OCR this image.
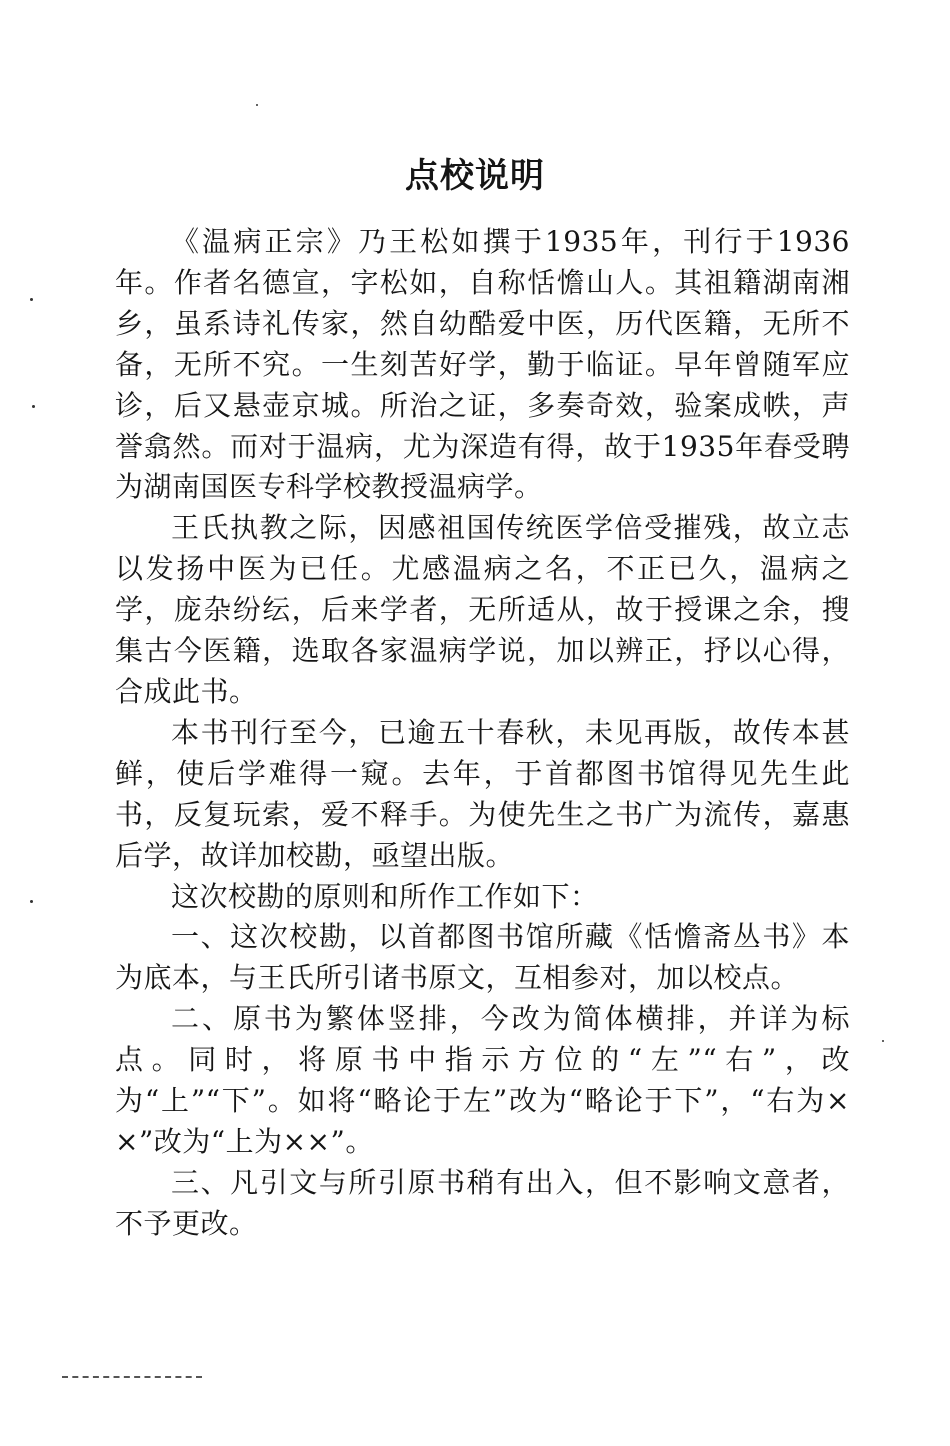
点校说明

《温病正宗》乃王松如撰于1935年，刊行于1936年。作者名德宣，字松如，自称恬憺山人。其祖籍湖南湘乡，虽系诗礼传家，然自幼酷爱中医，历代医籍，无所不备，无所不究。一生刻苦好学，勤于临证。早年曾随军应诊，后又悬壶京城。所治之证，多奏奇效，验案成帙，声誉翕然。而对于温病，尤为深造有得，故于1935年春受聘为湖南国医专科学校教授温病学。

王氏执教之际，因感祖国传统医学倍受摧残，故立志以发扬中医为已任。尤感温病之名，不正已久，温病之学，庞杂纷纭，后来学者，无所适从，故于授课之余，搜集古今医籍，选取各家温病学说，加以辨正，抒以心得，合成此书。

本书刊行至今，已逾五十春秋，未见再版，故传本甚鲜，使后学难得一窥。去年，于首都图书馆得见先生此书，反复玩索，爱不释手。为使先生之书广为流传，嘉惠后学，故详加校勘，亟望出版。

这次校勘的原则和所作工作如下：

一、这次校勘，以首都图书馆所藏《恬憺斋丛书》本为底本，与王氏所引诸书原文，互相参对，加以校点。

二、原书为繁体竖排，今改为简体横排，并详为标点。同时，将原书中指示方位的“左”“右”，改为“上”“下”。如将“略论于左”改为“略论于下”，“右为××”改为“上为××”。

三、凡引文与所引原书稍有出入，但不影响文意者，不予更改。
